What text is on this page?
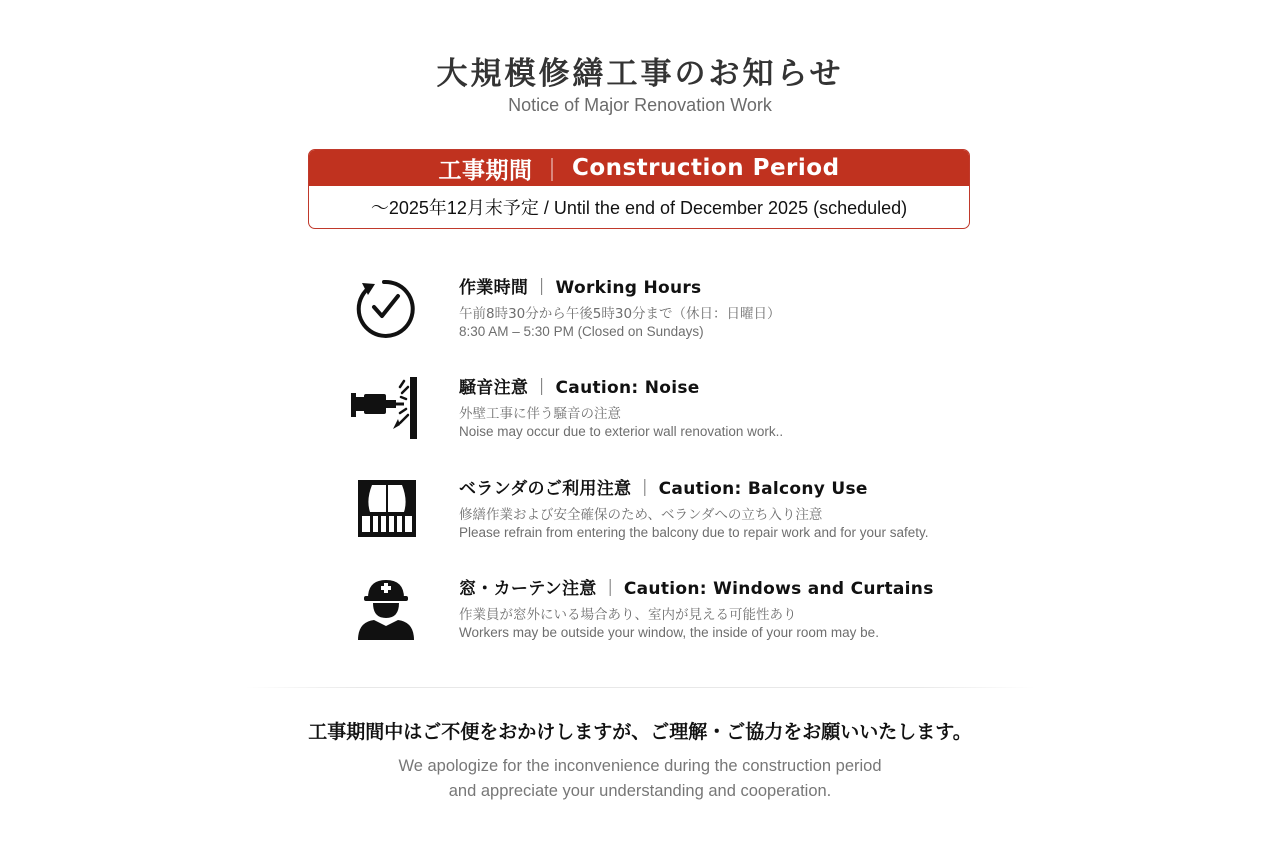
大規模修繕工事のお知らせ
Notice of Major Renovation Work
工事期間 ｜ Construction Period
～2025年12月末予定 / Until the end of December 2025 (scheduled)
作業時間 ｜ Working Hours
午前8時30分から午後5時30分まで（休日：日曜日）
8:30 AM – 5:30 PM (Closed on Sundays)
騒音注意 ｜ Caution: Noise
外壁工事に伴う騒音の注意
Noise may occur due to exterior wall renovation work..
ベランダのご利用注意 ｜ Caution: Balcony Use
修繕作業および安全確保のため、ベランダへの立ち入り注意
Please refrain from entering the balcony due to repair work and for your safety.
窓・カーテン注意 ｜ Caution: Windows and Curtains
作業員が窓外にいる場合あり、室内が見える可能性あり
Workers may be outside your window, the inside of your room may be.
工事期間中はご不便をおかけしますが、ご理解・ご協力をお願いいたします。
We apologize for the inconvenience during the construction period
and appreciate your understanding and cooperation.
